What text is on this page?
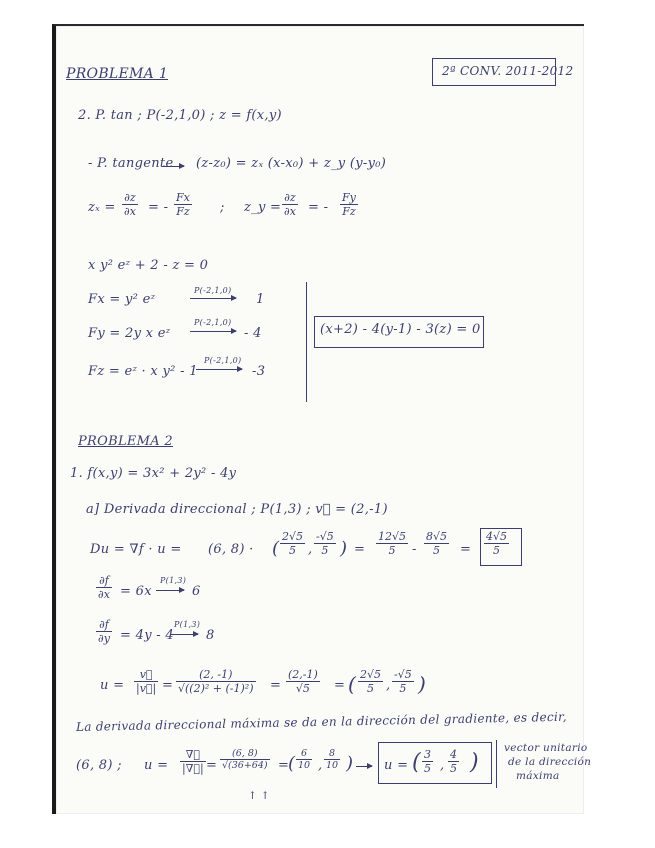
PROBLEMA 1	2ª CONV. 2011-2012
2. P. tan ; P(-2,1,0) ; z = f(x,y)
- P. tangente (z-z₀) = zₓ (x-x₀) + z_y (y-y₀)
$z_x = \frac{\partial z}{\partial x}$ = - $\frac{Fx}{Fz}$ ; z_y = $\frac{\partial z}{\partial x}$ = - $\frac{Fy}{Fz}$
x y² eᶻ + 2 - z = 0
Fx = y² eᶻ
P(-2,1,0)
1
Fy = 2y x eᶻ
P(-2,1,0)
- 4
Fz = eᶻ · x y² - 1
P(-2,1,0)
-3
(x+2) - 4(y-1) - 3(z) = 0
PROBLEMA 2
1. f(x,y) = 3x² + 2y² - 4y
a] Derivada direccional ; P(1,3) ; v⃗ = (2,-1)
Du = ∇f · u = (6, 8) · ( $\frac{2√5}{5}$ , $\frac{-√5}{5}$ ) = $\frac{12√5}{5} - \frac{8√5}{5} = \frac{4√5}{5}$
$\frac{\partial f}{\partial x} = 6x$
P(1,3)
6
$\frac{\partial f}{\partial y} = 4y - 4$
P(1,3)
8
$u = \frac{v⃗}{|v⃗|} = \frac{(2, -1)}{\text{√((2)² + (-1)²)}} = \frac{(2,-1)}{√5}$ = ( $\frac{2√5}{5}$ , $\frac{-√5}{5}$ )
La derivada direccional máxima se da en la dirección del gradiente, es decir,
(6, 8) ; u =
∇⃗
|∇⃗| = $\frac{(6, 8)}{√(36+64)}$
↑ ↑
=
( $\frac{6}{10}$ , $\frac{8}{10}$ ) u = ( $\frac{3}{5}$ , $\frac{4}{5}$ )
vector unitario
de la dirección
máxima
